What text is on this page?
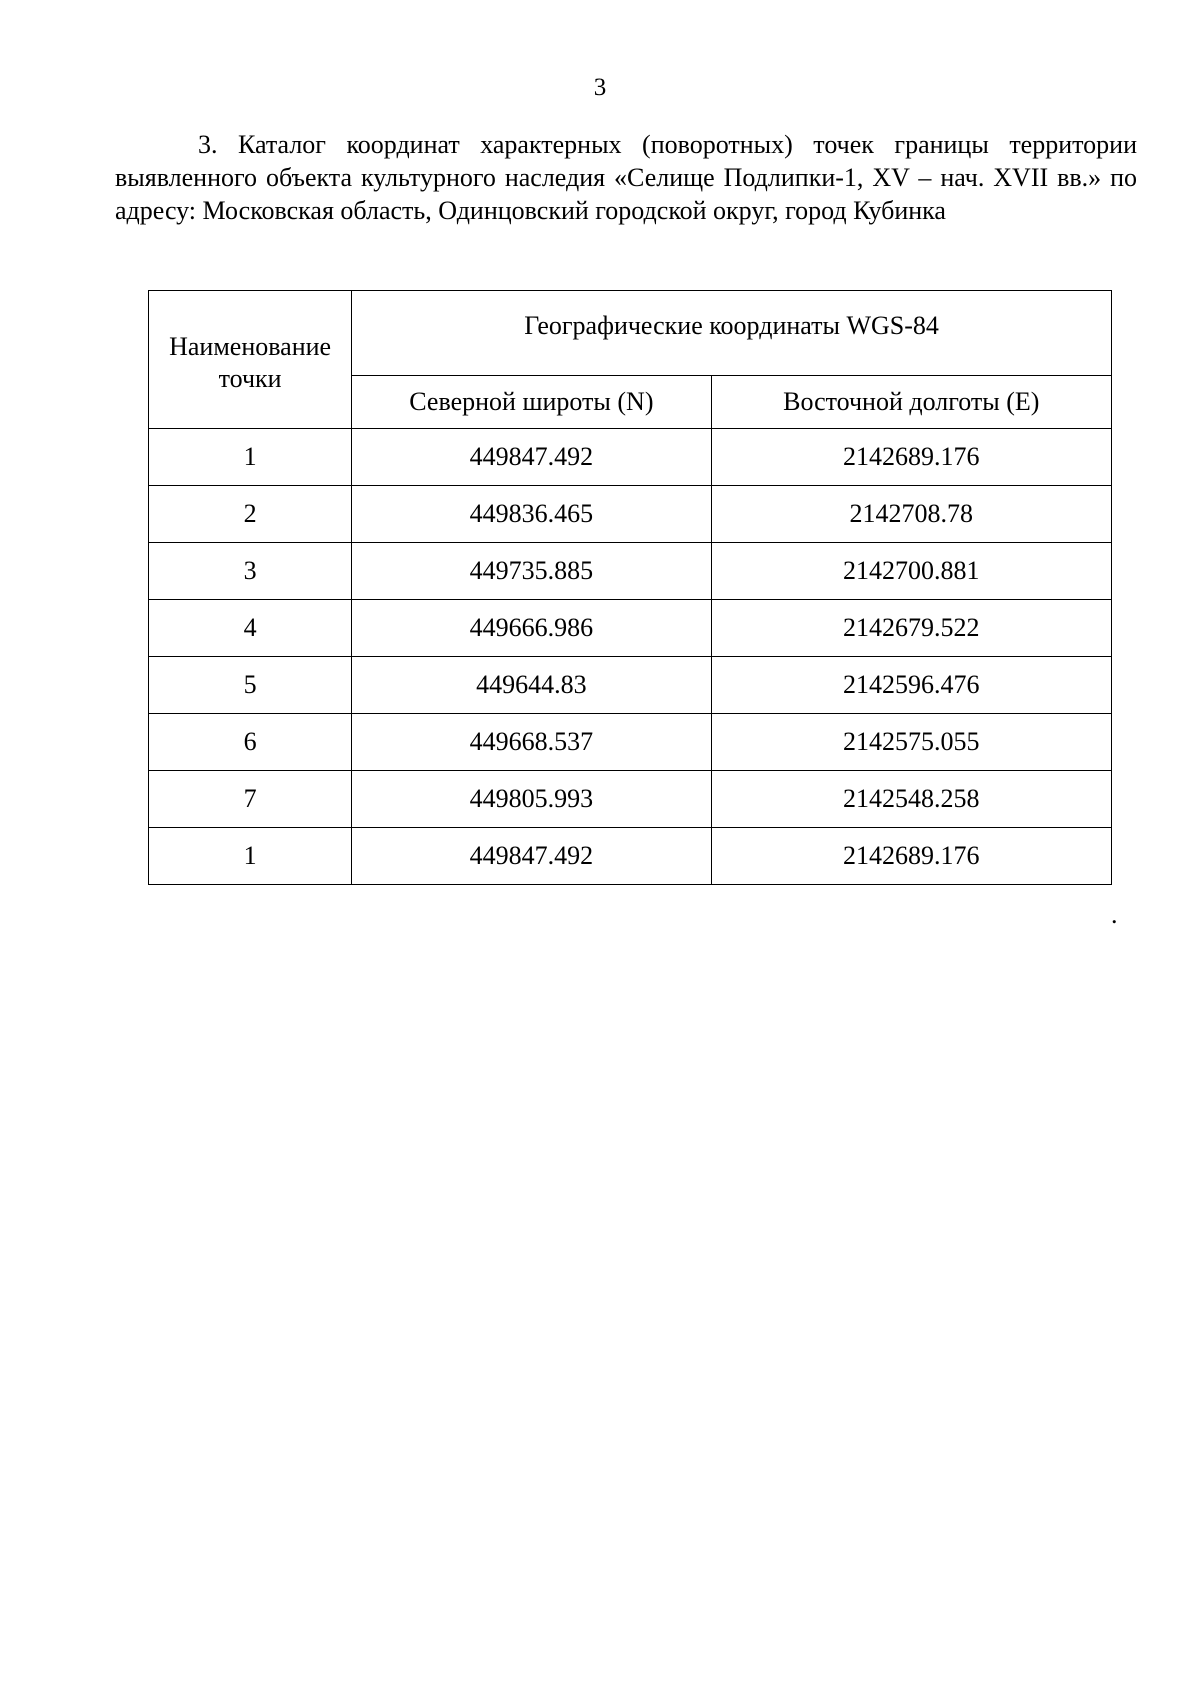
3
3. Каталог координат характерных (поворотных) точек границы территории выявленного объекта культурного наследия «Селище Подлипки-1, XV – нач. XVII вв.» по адресу: Московская область, Одинцовский городской округ, город Кубинка
Наименование точки	Географические координаты WGS-84	
	Северной широты (N)	Восточной долготы (E)
1	449847.492	2142689.176
2	449836.465	2142708.78
3	449735.885	2142700.881
4	449666.986	2142679.522
5	449644.83	2142596.476
6	449668.537	2142575.055
7	449805.993	2142548.258
1	449847.492	2142689.176
.
